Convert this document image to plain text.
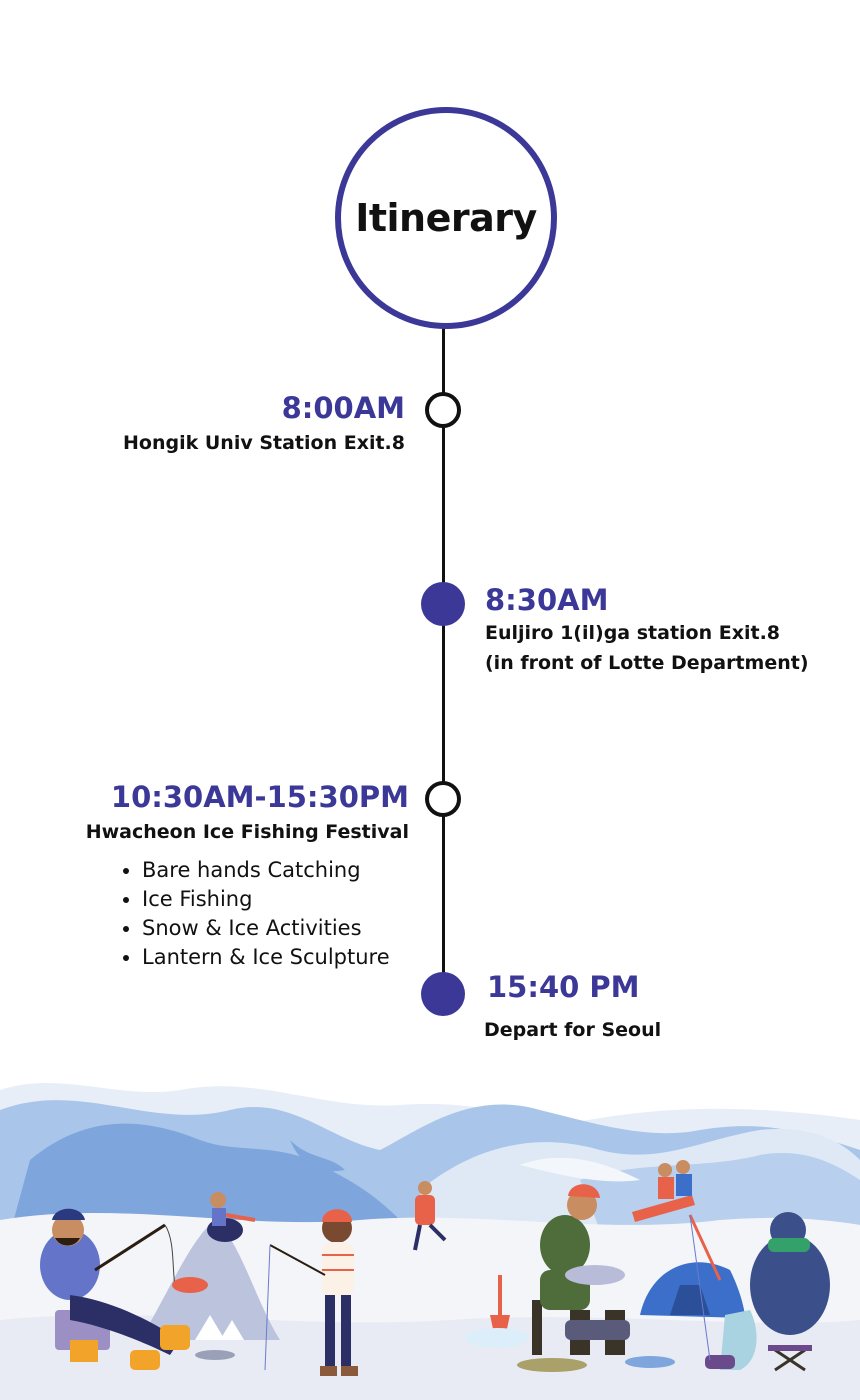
Itinerary
8:00AM
Hongik Univ Station Exit.8
8:30AM
Euljiro 1(il)ga station Exit.8
(in front of Lotte Department)
10:30AM-15:30PM
Hwacheon Ice Fishing Festival
• Bare hands Catching
• Ice Fishing
• Snow & Ice Activities
• Lantern & Ice Sculpture
15:40 PM
Depart for Seoul
